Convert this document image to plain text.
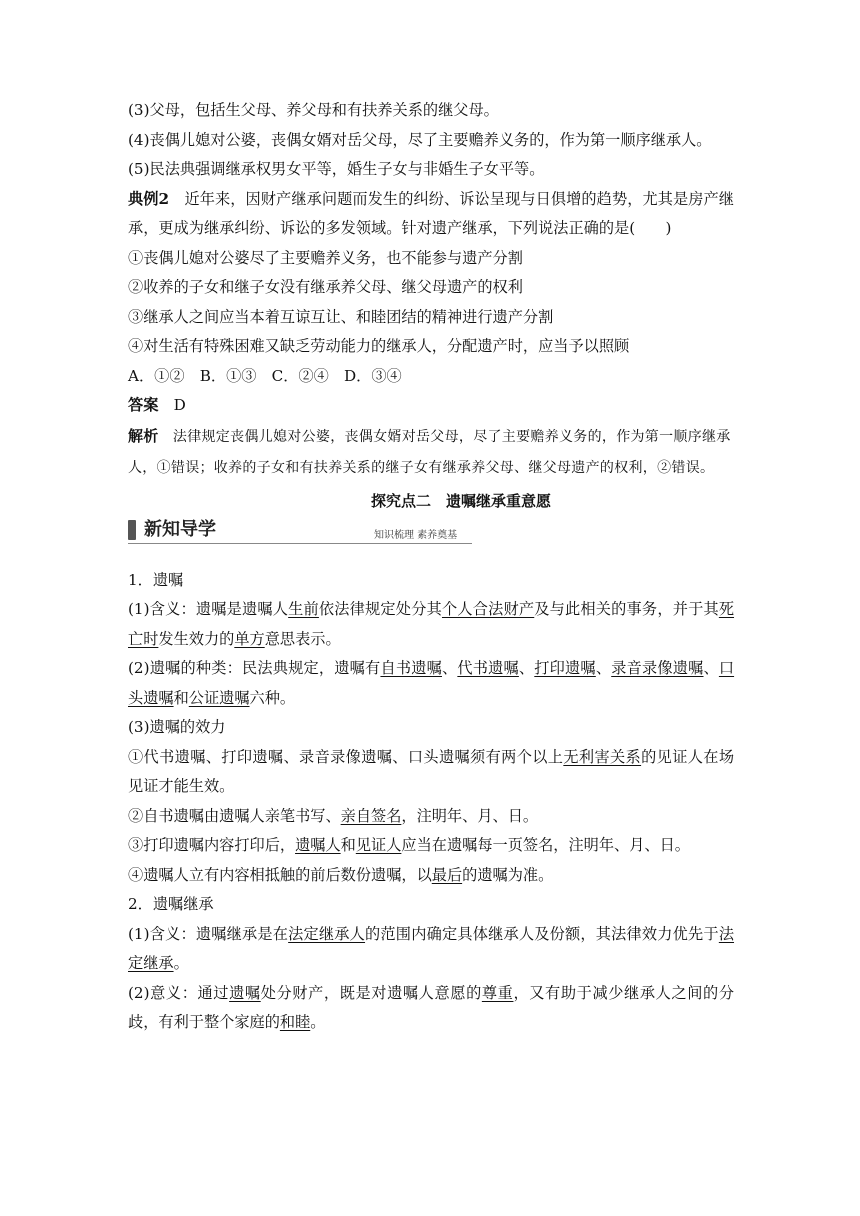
(3)父母，包括生父母、养父母和有扶养关系的继父母。

(4)丧偶儿媳对公婆，丧偶女婿对岳父母，尽了主要赡养义务的，作为第一顺序继承人。

(5)民法典强调继承权男女平等，婚生子女与非婚生子女平等。

典例2　近年来，因财产继承问题而发生的纠纷、诉讼呈现与日俱增的趋势，尤其是房产继承，更成为继承纠纷、诉讼的多发领域。针对遗产继承，下列说法正确的是(　　)

①丧偶儿媳对公婆尽了主要赡养义务，也不能参与遗产分割

②收养的子女和继子女没有继承养父母、继父母遗产的权利

③继承人之间应当本着互谅互让、和睦团结的精神进行遗产分割

④对生活有特殊困难又缺乏劳动能力的继承人，分配遗产时，应当予以照顾

A．①②　B．①③　C．②④　D．③④

答案　D

解析　法律规定丧偶儿媳对公婆，丧偶女婿对岳父母，尽了主要赡养义务的，作为第一顺序继承人，①错误；收养的子女和有扶养关系的继子女有继承养父母、继父母遗产的权利，②错误。

探究点二　遗嘱继承重意愿
新知导学	知识梳理 素养奠基

1．遗嘱

(1)含义：遗嘱是遗嘱人生前依法律规定处分其个人合法财产及与此相关的事务，并于其死亡时发生效力的单方意思表示。

(2)遗嘱的种类：民法典规定，遗嘱有自书遗嘱、代书遗嘱、打印遗嘱、录音录像遗嘱、口头遗嘱和公证遗嘱六种。

(3)遗嘱的效力

①代书遗嘱、打印遗嘱、录音录像遗嘱、口头遗嘱须有两个以上无利害关系的见证人在场见证才能生效。

②自书遗嘱由遗嘱人亲笔书写、亲自签名，注明年、月、日。

③打印遗嘱内容打印后，遗嘱人和见证人应当在遗嘱每一页签名，注明年、月、日。

④遗嘱人立有内容相抵触的前后数份遗嘱，以最后的遗嘱为准。

2．遗嘱继承

(1)含义：遗嘱继承是在法定继承人的范围内确定具体继承人及份额，其法律效力优先于法定继承。

(2)意义：通过遗嘱处分财产，既是对遗嘱人意愿的尊重，又有助于减少继承人之间的分歧，有利于整个家庭的和睦。
